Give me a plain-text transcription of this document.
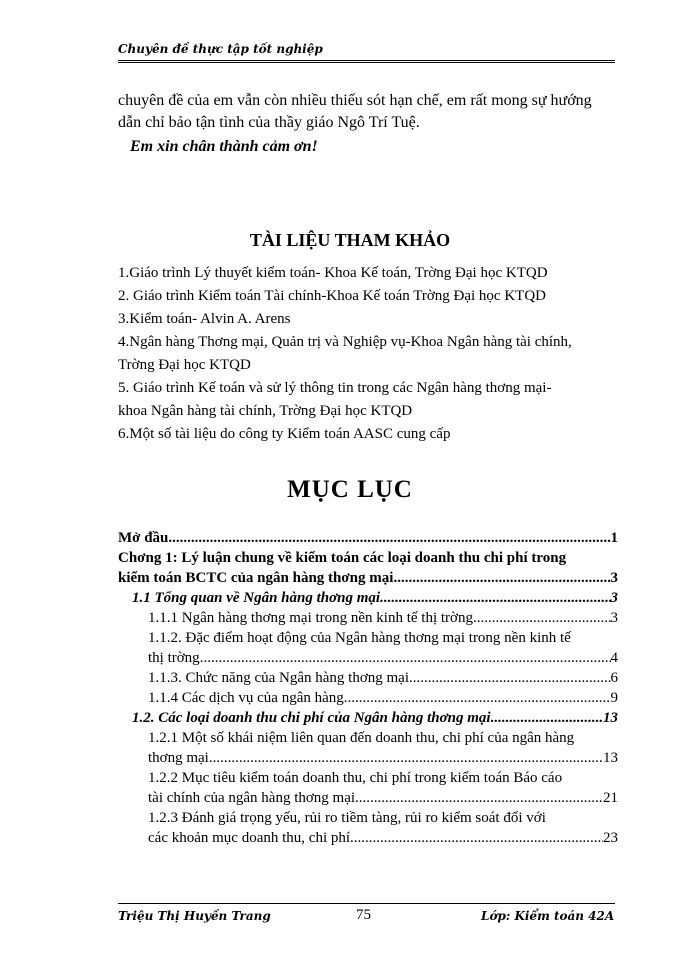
Chuyên đề thực tập tốt nghiệp
chuyên đề của em vẫn còn nhiều thiếu sót hạn chế, em rất mong sự hướng
dẫn chỉ bảo tận tình của thầy giáo Ngô Trí Tuệ.
Em xin chân thành cảm ơn!
TÀI LIỆU THAM KHẢO
1.Giáo trình Lý thuyết kiểm toán- Khoa Kế toán, Trờng Đại học KTQD
2. Giáo trình Kiểm toán Tài chính-Khoa Kế toán Trờng Đại học KTQD
3.Kiểm toán- Alvin A. Arens
4.Ngân hàng Thơng mại, Quản trị và Nghiệp vụ-Khoa Ngân hàng tài chính,
Trờng Đại học KTQD
5. Giáo trình Kế toán và sử lý thông tin trong các Ngân hàng thơng mại-
khoa Ngân hàng tài chính, Trờng Đại học KTQD
6.Một số tài liệu do công ty Kiểm toán AASC cung cấp
MỤC LỤC
Mở đầu .....	1
Chơng 1: Lý luận chung về kiểm toán các loại doanh thu chi phí trong
kiểm toán BCTC của ngân hàng thơng mại .....	3
1.1 Tổng quan về Ngân hàng thơng mại .....	3
1.1.1 Ngân hàng thơng mại trong nền kinh tế thị trờng .....	3
1.1.2. Đặc điểm hoạt động của Ngân hàng thơng mại trong nền kinh tế
thị trờng .....	4
1.1.3. Chức năng của Ngân hàng thơng mại .....	6
1.1.4 Các dịch vụ của ngân hàng .....	9
1.2. Các loại doanh thu chi phí của Ngân hàng thơng mại .....	13
1.2.1 Một số khái niệm liên quan đến doanh thu, chi phí của ngân hàng
thơng mại .....	13
1.2.2 Mục tiêu kiểm toán doanh thu, chi phí trong kiểm toán Báo cáo
tài chính của ngân hàng thơng mại .....	21
1.2.3 Đánh giá trọng yếu, rủi ro tiềm tàng, rủi ro kiểm soát đối với
các khoản mục doanh thu, chi phí .....	23
Triệu Thị Huyền Trang	75	Lớp: Kiểm toán 42A
